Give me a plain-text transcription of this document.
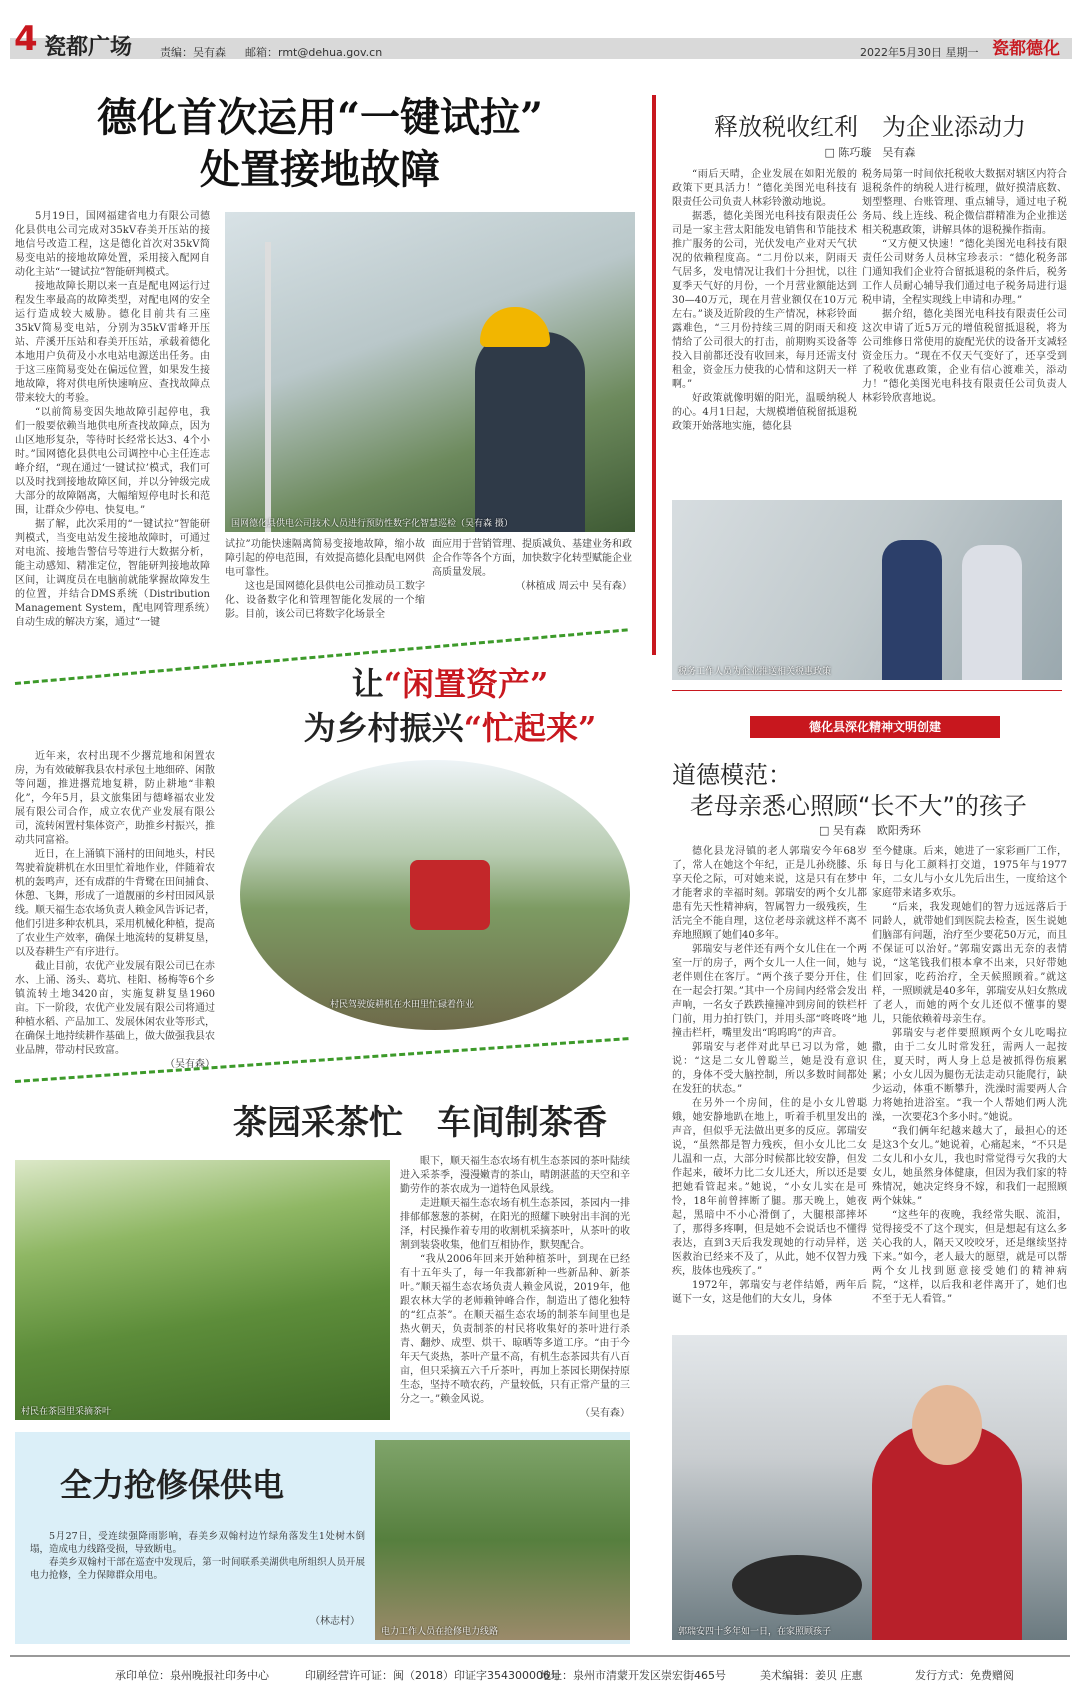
4 瓷都广场	责编：吴有森 邮箱：rmt@dehua.gov.cn	2022年5月30日 星期一 瓷都德化
德化首次运用“一键试拉”
处置接地故障

5月19日，国网福建省电力有限公司德化县供电公司完成对35kV春美开压站的接地信号改造工程，这是德化首次对35kV简易变电站的接地故障处置，采用接入配网自动化主站“一键试拉”智能研判模式。

接地故障长期以来一直是配电网运行过程发生率最高的故障类型，对配电网的安全运行造成较大威胁。德化目前共有三座35kV简易变电站，分别为35kV雷峰开压站、芹溪开压站和春美开压站，承载着德化本地用户负荷及小水电站电源送出任务。由于这三座简易变处在偏远位置，如果发生接地故障，将对供电所快速响应、查找故障点带来较大的考验。

“以前简易变因失地故障引起停电，我们一般要依赖当地供电所查找故障点，因为山区地形复杂，等待时长经常长达3、4个小时。”国网德化县供电公司调控中心主任连志峰介绍，“现在通过‘一键试拉’模式，我们可以及时找到接地故障区间，并以分钟级完成大部分的故障隔离，大幅缩短停电时长和范围，让群众少停电、快复电。”

据了解，此次采用的“一键试拉”智能研判模式，当变电站发生接地故障时，可通过对电流、接地告警信号等进行大数据分析，能主动感知、精准定位，智能研判接地故障区间，让调度员在电脑前就能掌握故障发生的位置，并结合DMS系统（Distribution Management System，配电网管理系统）自动生成的解决方案，通过“一键

国网德化县供电公司技术人员进行预防性数字化智慧巡检（吴有森 摄）

试拉”功能快速隔离简易变接地故障，缩小故障引起的停电范围，有效提高德化县配电网供电可靠性。

这也是国网德化县供电公司推动员工数字化、设备数字化和管理智能化发展的一个缩影。目前，该公司已将数字化场景全

面应用于营销管理、提质减负、基建业务和政企合作等各个方面，加快数字化转型赋能企业高质量发展。

（林植成 周云中 吴有森）

让“闲置资产”
为乡村振兴“忙起来”

近年来，农村出现不少撂荒地和闲置农房，为有效破解我县农村承包土地细碎、闲散等问题，推进撂荒地复耕，防止耕地“非粮化”，今年5月，县文旅集团与德峰福农业发展有限公司合作，成立农优产业发展有限公司，流转闲置村集体资产，助推乡村振兴，推动共同富裕。

近日，在上涌镇下涌村的田间地头，村民驾驶着旋耕机在水田里忙着地作业，伴随着农机的轰鸣声，还有成群的牛背鹭在田间捕食、休憩、飞舞，形成了一道靓丽的乡村田园风景线。顺天福生态农场负责人赖金风告诉记者，他们引进多种农机具，采用机械化种植，提高了农业生产效率，确保土地流转的复耕复垦，以及春耕生产有序进行。

截止目前，农优产业发展有限公司已在赤水、上涌、汤头、葛坑、桂阳、杨梅等6个乡镇流转土地3420亩，实施复耕复垦1960亩。下一阶段，农优产业发展有限公司将通过种植水稻、产品加工、发展休闲农业等形式，在确保土地持续耕作基础上，做大做强我县农业品牌，带动村民致富。

（吴有森）

村民驾驶旋耕机在水田里忙碌着作业
茶园采茶忙　车间制茶香
村民在茶园里采摘茶叶

眼下，顺天福生态农场有机生态茶园的茶叶陆续进入采茶季，漫漫嫩青的茶山，晴朗湛蓝的天空和辛勤劳作的茶农成为一道特色风景线。

走进顺天福生态农场有机生态茶园，茶园内一排排郁郁葱葱的茶树，在阳光的照耀下映射出丰润的光泽，村民操作着专用的收割机采摘茶叶，从茶叶的收割到装袋收集，他们互相协作，默契配合。

“我从2006年回来开始种植茶叶，到现在已经有十五年头了，每一年我都新种一些新品种、新茶叶。”顺天福生态农场负责人赖金风说，2019年，他跟农林大学的老师赖钟峰合作，制造出了德化独特的“红点茶”。在顺天福生态农场的制茶车间里也是热火朝天，负责制茶的村民将收集好的茶叶进行杀青、翻炒、成型、烘干、晾晒等多道工序。“由于今年天气炎热，茶叶产量不高，有机生态茶园共有八百亩，但只采摘五六千斤茶叶，再加上茶园长期保持原生态，坚持不喷农药，产量较低，只有正常产量的三分之一。”赖金风说。

（吴有森）

全力抢修保供电

5月27日，受连续强降雨影响，春美乡双翰村边竹绿角落发生1处树木倒塌，造成电力线路受损，导致断电。

春美乡双翰村干部在巡查中发现后，第一时间联系美湖供电所组织人员开展电力抢修，全力保障群众用电。

（林志村）
电力工作人员在抢修电力线路
释放税收红利　为企业添动力
□ 陈巧璇　吴有森

“雨后天晴，企业发展在如阳光般的政策下更具活力！”德化美图光电科技有限责任公司负责人林彩铃激动地说。

据悉，德化美图光电科技有限责任公司是一家主营太阳能发电销售和节能技术推广服务的公司，光伏发电产业对天气状况的依赖程度高。“二月份以来，阴雨天气居多，发电情况让我们十分担忧，以往夏季天气好的月份，一个月营业额能达到30—40万元，现在月营业额仅在10万元左右。”谈及近阶段的生产情况，林彩铃面露难色，“三月份持续三周的阴雨天和疫情给了公司很大的打击，前期购买设备等投入目前都还没有收回来，每月还需支付租金，资金压力使我的心情和这阴天一样啊。”

好政策就像明媚的阳光，温暖纳税人的心。4月1日起，大规模增值税留抵退税政策开始落地实施，德化县

税务局第一时间依托税收大数据对辖区内符合退税条件的纳税人进行梳理，做好摸清底数、划型整理、台账管理、重点辅导，通过电子税务局、线上连线、税企微信群精准为企业推送相关税惠政策，讲解具体的退税操作指南。

“又方便又快速！”德化美图光电科技有限责任公司财务人员林宝珍表示：“德化税务部门通知我们企业符合留抵退税的条件后，税务工作人员耐心辅导我们通过电子税务局进行退税申请，全程实现线上申请和办理。”

据介绍，德化美图光电科技有限责任公司这次申请了近5万元的增值税留抵退税，将为公司维修日常使用的旋配光伏的设备开支减轻资金压力。“现在不仅天气变好了，还享受到了税收优惠政策，企业有信心渡难关，添动力！”德化美图光电科技有限责任公司负责人林彩铃欣喜地说。

税务工作人员为企业推送相关税惠政策
德化县深化精神文明创建
道德模范：
老母亲悉心照顾“长不大”的孩子
□ 吴有森　欧阳秀环

德化县龙浔镇的老人郭瑞安今年68岁了，常人在她这个年纪，正是儿孙绕膝、乐享天伦之际，可对她来说，这是只有在梦中才能奢求的幸福时刻。郭瑞安的两个女儿都患有先天性精神病，智属智力一级残疾，生活完全不能自理，这位老母亲就这样不离不弃地照顾了她们40多年。

郭瑞安与老伴还有两个女儿住在一个两室一厅的房子，两个女儿一人住一间，她与老伴则住在客厅。“两个孩子要分开住，住在一起会打架。”其中一个房间内经常会发出声响，一名女子跌跌撞撞冲到房间的铁栏杆门前，用力拍打铁门，并用头部“咚咚咚”地撞击栏杆，嘴里发出“呜呜呜”的声音。

郭瑞安与老伴对此早已习以为常，她说：“这是二女儿曾聪兰，她是没有意识的，身体不受大脑控制，所以多数时间都处在发狂的状态。”

在另外一个房间，住的是小女儿曾聪娥，她安静地趴在地上，听着手机里发出的声音，但似乎无法做出更多的反应。郭瑞安说，“虽然都是智力残疾，但小女儿比二女儿温和一点，大部分时候都比较安静，但发作起来，破坏力比二女儿还大，所以还是要把她看管起来。”她说，“小女儿实在是可怜，18年前曾摔断了腿。那天晚上，她夜起，黑暗中不小心滑倒了，大腿根部摔坏了，那得多疼啊，但是她不会说话也不懂得表达，直到3天后我发现她的行动异样，送医救治已经来不及了，从此，她不仅智力残疾，肢体也残疾了。”

1972年，郭瑞安与老伴结婚，两年后诞下一女，这是他们的大女儿，身体

至今健康。后来，她进了一家彩画厂工作，每日与化工颜料打交道，1975年与1977年，二女儿与小女儿先后出生，一度给这个家庭带来诸多欢乐。

“后来，我发现她们的智力远远落后于同龄人，就带她们到医院去检查，医生说她们脑部有问题，治疗至少要花50万元，而且不保证可以治好。”郭瑞安露出无奈的表情说，“这笔钱我们根本拿不出来，只好带她们回家，吃药治疗，全天候照顾着。”就这样，一照顾就是40多年，郭瑞安从妇女熬成了老人，而她的两个女儿还似不懂事的婴儿，只能依赖着母亲生存。

郭瑞安与老伴要照顾两个女儿吃喝拉撒，由于二女儿时常发狂，需两人一起按住，夏天时，两人身上总是被抓得伤痕累累；小女儿因为腿伤无法走动只能爬行，缺少运动，体重不断攀升，洗澡时需要两人合力将她抬进浴室。“我一个人帮她们两人洗澡，一次要花3个多小时。”她说。

“我们俩年纪越来越大了，最担心的还是这3个女儿。”她说着，心痛起来，“不只是二女儿和小女儿，我也时常觉得亏欠我的大女儿，她虽然身体健康，但因为我们家的特殊情况，她决定终身不嫁，和我们一起照顾两个妹妹。”

“这些年的夜晚，我经常失眠、流泪，觉得接受不了这个现实，但是想起有这么多关心我的人，隔天又咬咬牙，还是继续坚持下来。”如今，老人最大的愿望，就是可以帮两个女儿找到愿意接受她们的精神病院，“这样，以后我和老伴离开了，她们也不至于无人看管。”

郭瑞安四十多年如一日，在家照顾孩子
承印单位：泉州晚报社印务中心	印刷经营许可证：闽（2018）印证字354300006号
地址：泉州市清蒙开发区崇宏街465号	美术编辑：姜贝 庄惠	发行方式：免费赠阅
